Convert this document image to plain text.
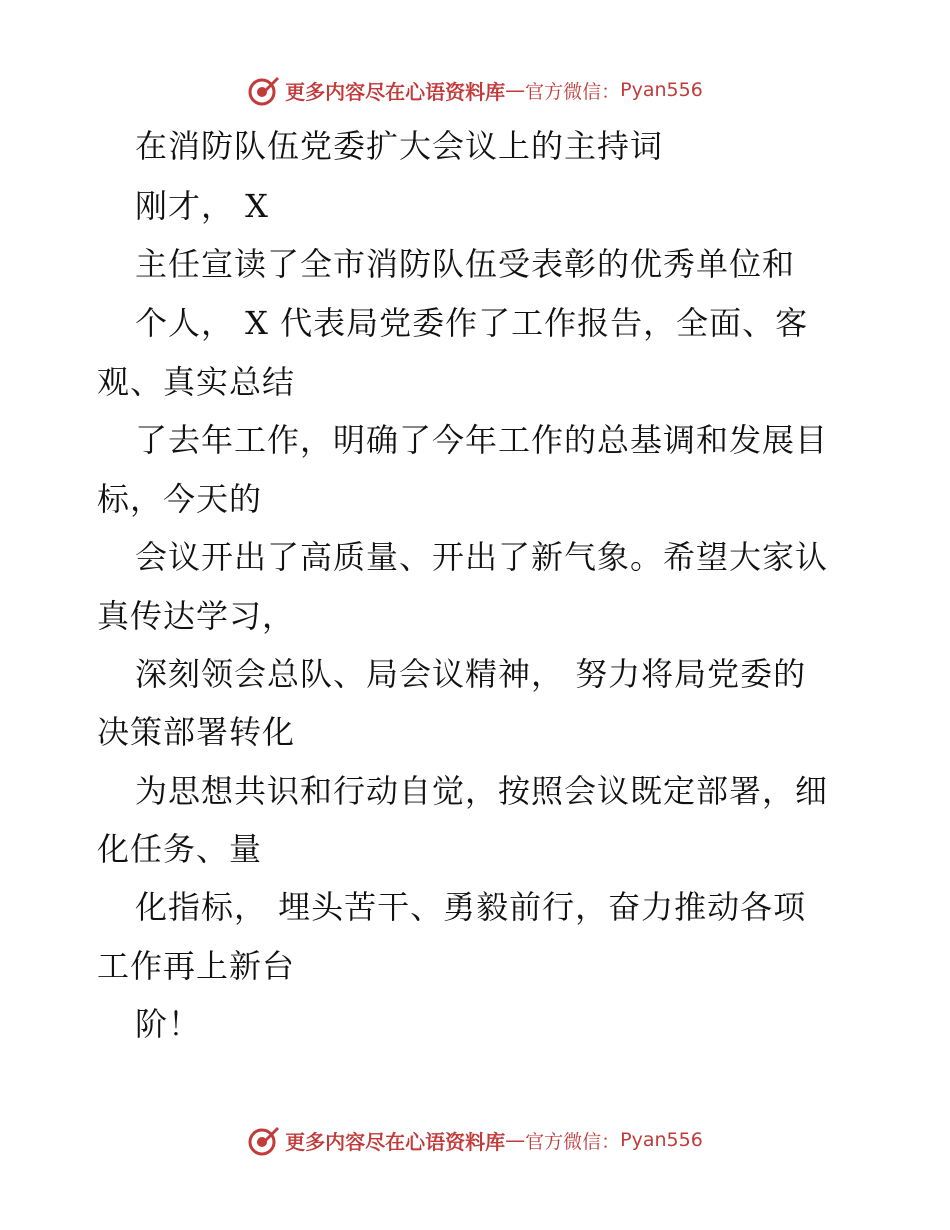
更多内容尽在心语资料库 — 官方微信： Pyan556
在消防队伍党委扩大会议上的主持词
刚才， X
主任宣读了全市消防队伍受表彰的优秀单位和
个人， X 代表局党委作了工作报告，全面、客
观、真实总结
了去年工作，明确了今年工作的总基调和发展目
标，今天的
会议开出了高质量、开出了新气象。希望大家认
真传达学习，
深刻领会总队、局会议精神， 努力将局党委的
决策部署转化
为思想共识和行动自觉，按照会议既定部署，细
化任务、量
化指标， 埋头苦干、勇毅前行，奋力推动各项
工作再上新台
阶！
更多内容尽在心语资料库 — 官方微信： Pyan556
